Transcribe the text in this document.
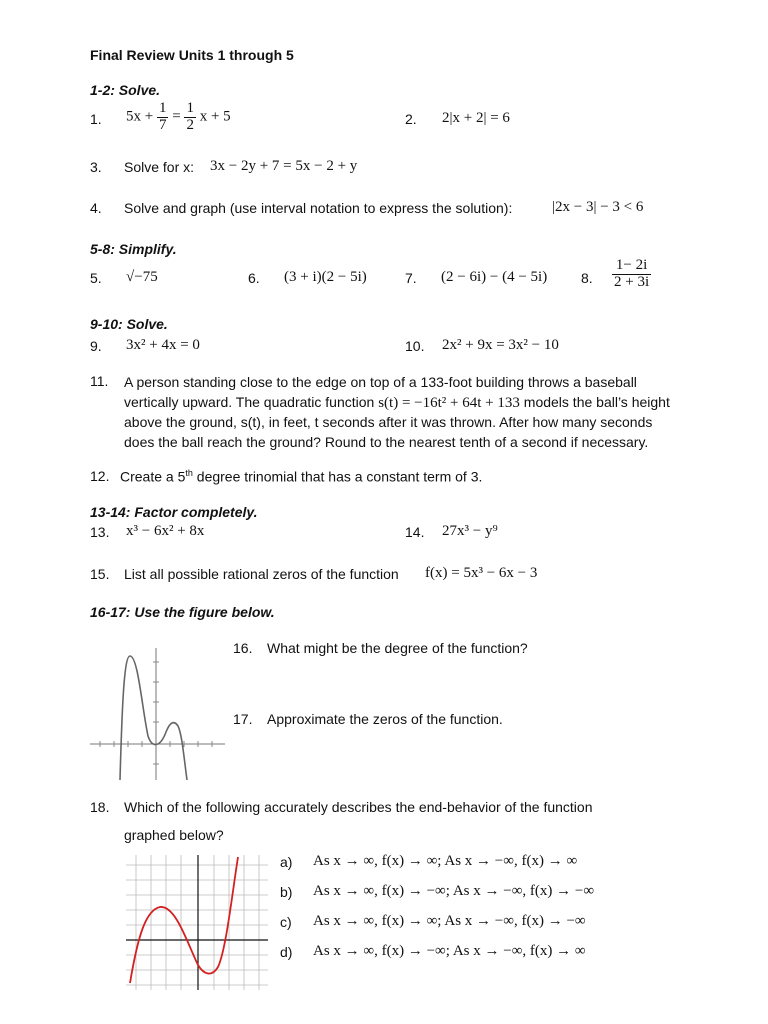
Final Review Units 1 through 5
1-2: Solve.
1. $5x + \frac{1}{7} = \frac{1}{2}$ x + 5	2. 2|x + 2| = 6
3. Solve for x: 3x − 2y + 7 = 5x − 2 + y
4. Solve and graph (use interval notation to express the solution):	|2x − 3| − 3 < 6
5-8: Simplify.
5. √−75	6. (3 + i)(2 − 5i)	7. (2 − 6i) − (4 − 5i) 8. $\frac{1- 2i}{2 + 3i}$
9-10: Solve.
9. 3x² + 4x = 0	10. 2x² + 9x = 3x² − 10
11. A person standing close to the edge on top of a 133-foot building throws a baseball
vertically upward. The quadratic function s(t) = −16t² + 64t + 133 models the ball’s height
above the ground, s(t), in feet, t seconds after it was thrown. After how many seconds
does the ball reach the ground? Round to the nearest tenth of a second if necessary.
12. Create a 5th degree trinomial that has a constant term of 3.
13-14: Factor completely.
13. x³ − 6x² + 8x	14. 27x³ − y⁹
15. List all possible rational zeros of the function f(x) = 5x³ − 6x − 3
16-17: Use the figure below.
16. What might be the degree of the function?
17. Approximate the zeros of the function.
18. Which of the following accurately describes the end-behavior of the function
graphed below?
a) As x → ∞, f(x) → ∞; As x → −∞, f(x) → ∞
b) As x → ∞, f(x) → −∞; As x → −∞, f(x) → −∞
c) As x → ∞, f(x) → ∞; As x → −∞, f(x) → −∞
d) As x → ∞, f(x) → −∞; As x → −∞, f(x) → ∞
